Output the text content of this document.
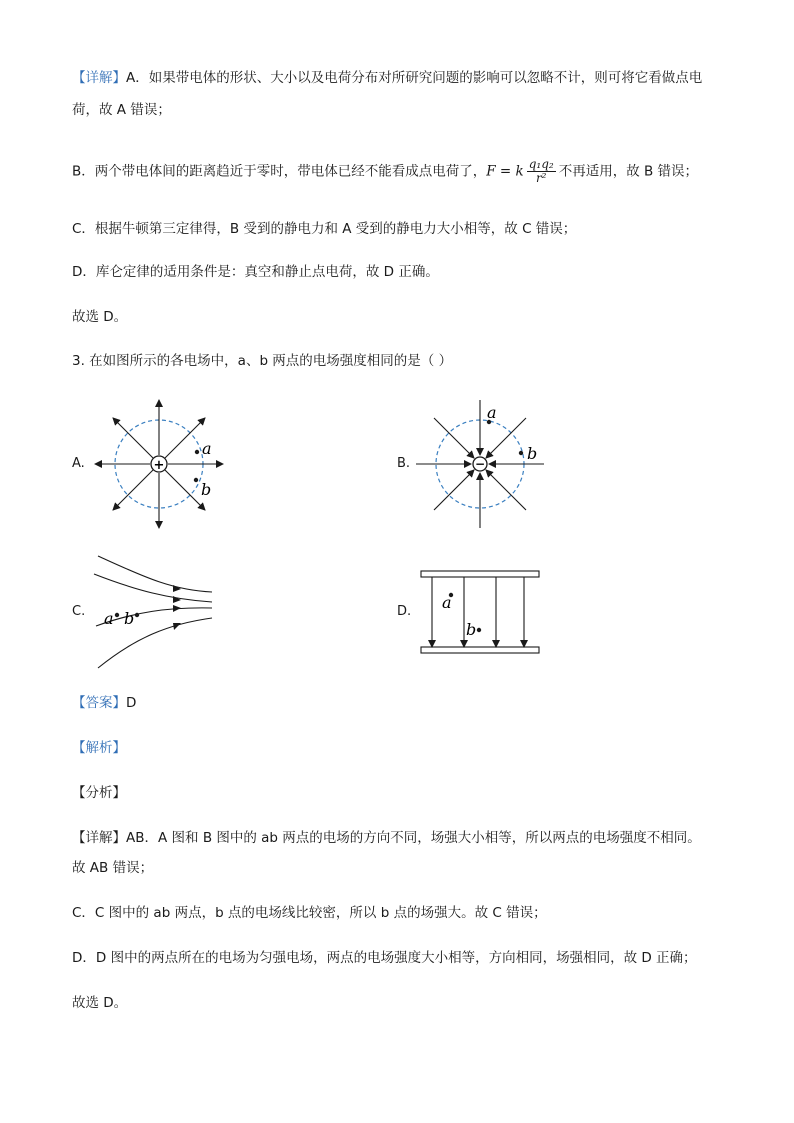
【详解】A．如果带电体的形状、大小以及电荷分布对所研究问题的影响可以忽略不计，则可将它看做点电
荷，故 A 错误；
B．两个带电体间的距离趋近于零时，带电体已经不能看成点电荷了，F = k $\frac{\text{q₁q₂}}{\text{r²}}$ 不再适用，故 B 错误；
C．根据牛顿第三定律得，B 受到的静电力和 A 受到的静电力大小相等，故 C 错误；
D．库仑定律的适用条件是：真空和静止点电荷，故 D 正确。
故选 D。
3. 在如图所示的各电场中，a、b 两点的电场强度相同的是（ ）
A.	+
a
b
B.	−
a
b
C. a b	D. a
b
【答案】D
【解析】
【分析】
【详解】AB．A 图和 B 图中的 ab 两点的电场的方向不同，场强大小相等，所以两点的电场强度不相同。
故 AB 错误；
C．C 图中的 ab 两点，b 点的电场线比较密，所以 b 点的场强大。故 C 错误；
D．D 图中的两点所在的电场为匀强电场，两点的电场强度大小相等，方向相同，场强相同，故 D 正确；
故选 D。
